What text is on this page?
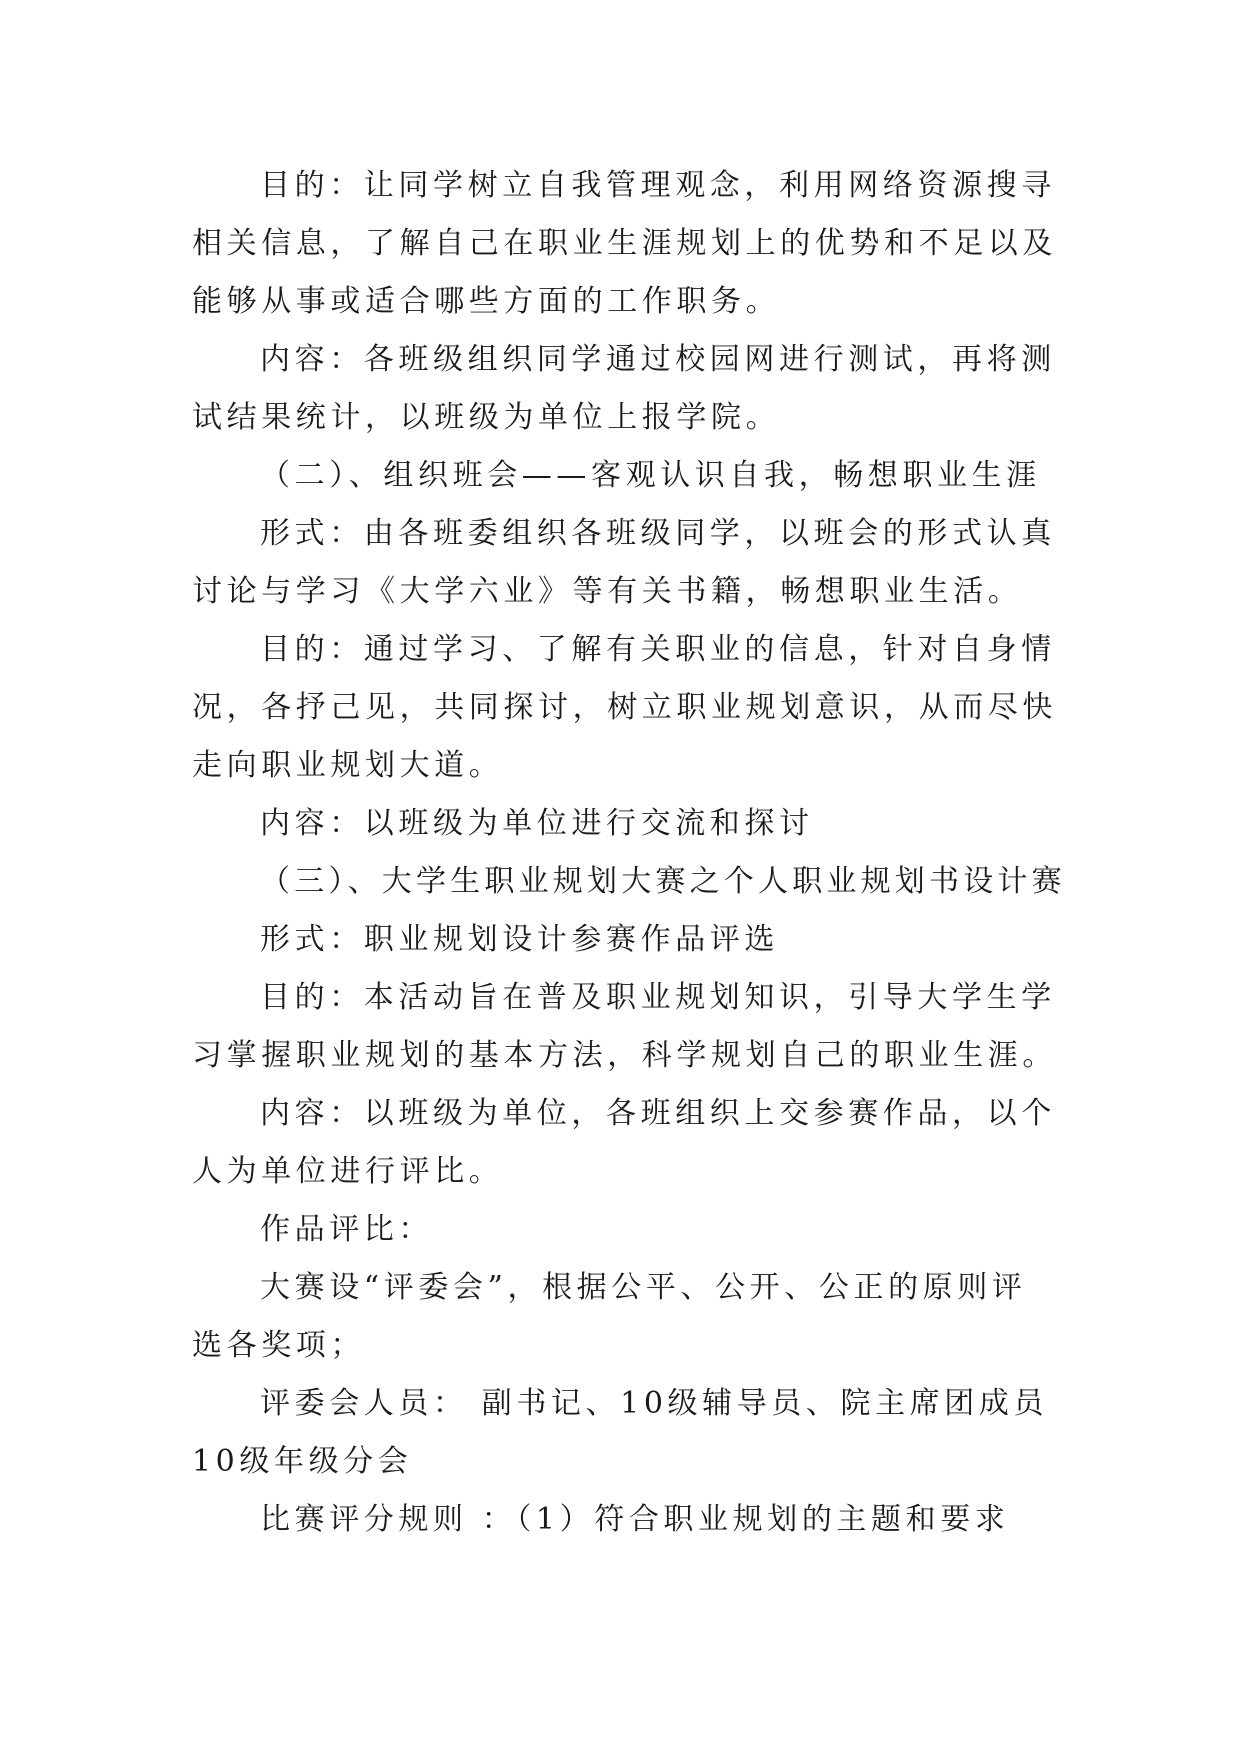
目的：让同学树立自我管理观念，利用网络资源搜寻相关信息，了解自己在职业生涯规划上的优势和不足以及能够从事或适合哪些方面的工作职务。

内容：各班级组织同学通过校园网进行测试，再将测试结果统计，以班级为单位上报学院。

（二）、组织班会——客观认识自我，畅想职业生涯

形式：由各班委组织各班级同学，以班会的形式认真讨论与学习《大学六业》等有关书籍，畅想职业生活。

目的：通过学习、了解有关职业的信息，针对自身情况，各抒己见，共同探讨，树立职业规划意识，从而尽快走向职业规划大道。

内容：以班级为单位进行交流和探讨

（三）、大学生职业规划大赛之个人职业规划书设计赛

形式：职业规划设计参赛作品评选

目的：本活动旨在普及职业规划知识，引导大学生学习掌握职业规划的基本方法，科学规划自己的职业生涯。

内容：以班级为单位，各班组织上交参赛作品，以个人为单位进行评比。

作品评比：

大赛设“评委会”，根据公平、公开、公正的原则评选各奖项；

评委会人员： 副书记、10级辅导员、院主席团成员10级年级分会

比赛评分规则 ：（1）符合职业规划的主题和要求
